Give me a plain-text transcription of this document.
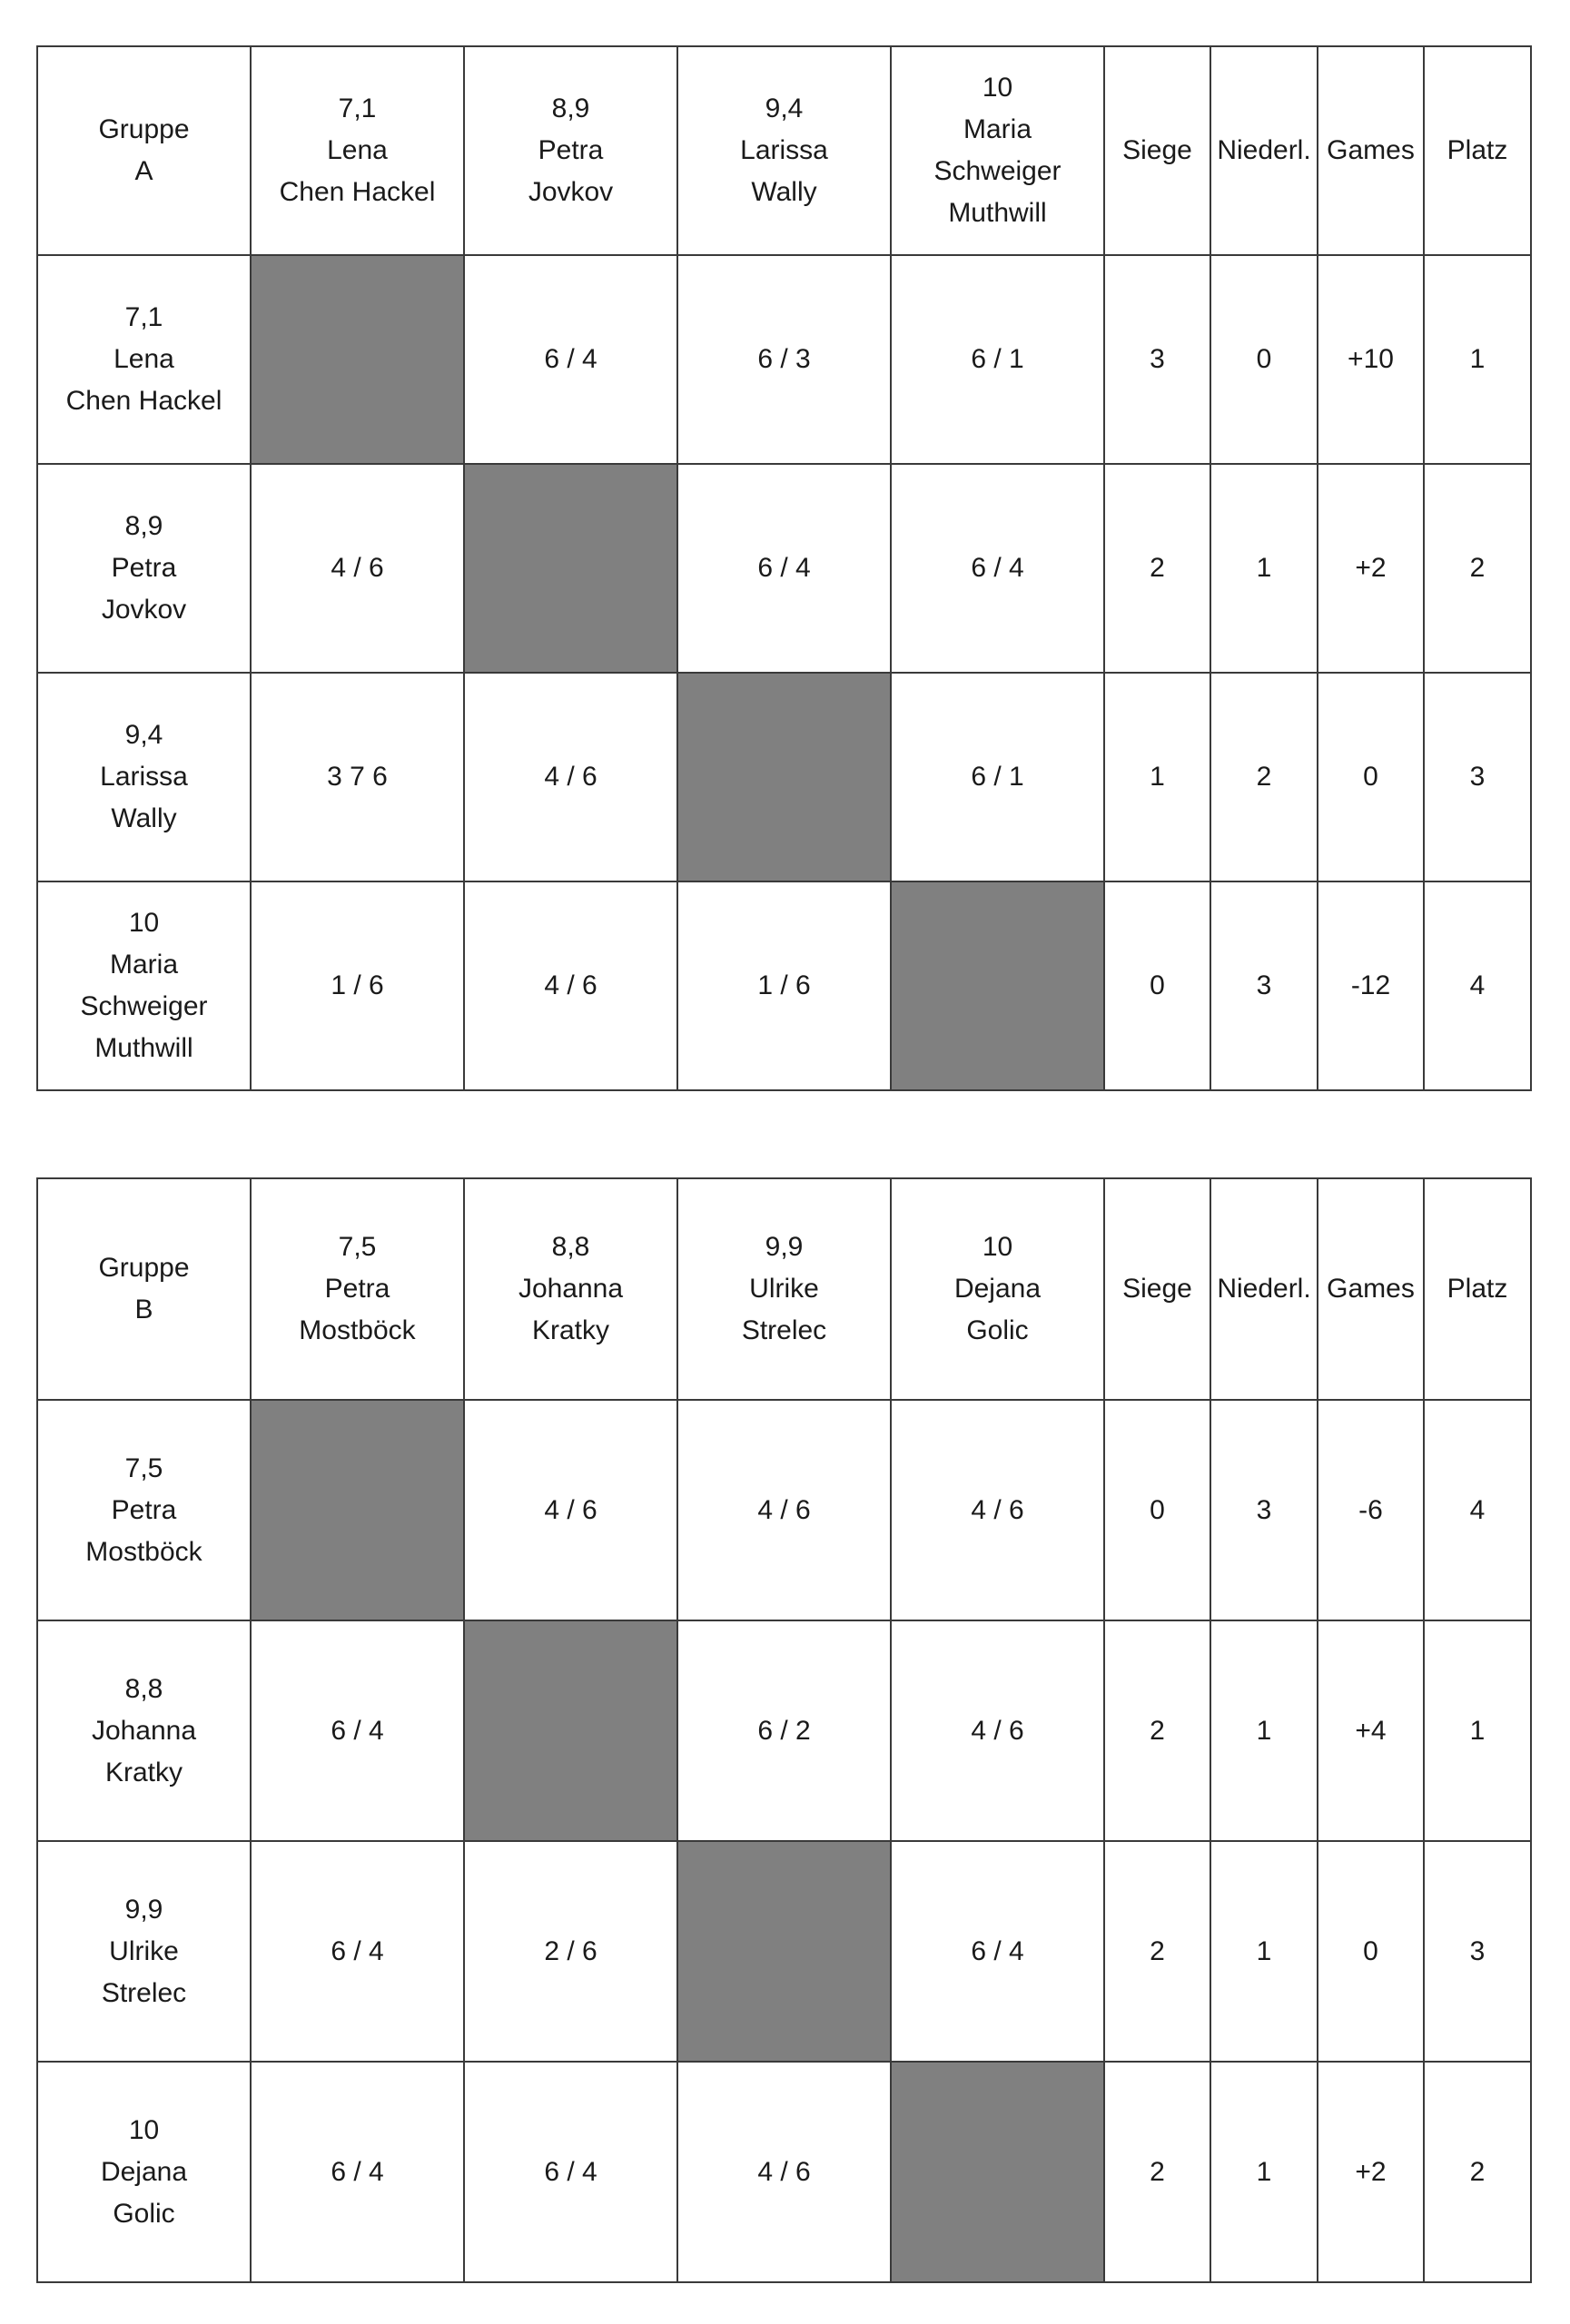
Gruppe
A	7,1
Lena
Chen Hackel	8,9
Petra
Jovkov	9,4
Larissa
Wally	10
Maria
Schweiger
Muthwill	Siege	Niederl.	Games	Platz

7,1
Lena
Chen Hackel		6 / 4	6 / 3	6 / 1	3	0	+10	1

8,9
Petra
Jovkov	4 / 6		6 / 4	6 / 4	2	1	+2	2

9,4
Larissa
Wally	3 7 6	4 / 6		6 / 1	1	2	0	3

10
Maria
Schweiger
Muthwill	1 / 6	4 / 6	1 / 6		0	3	-12	4
Gruppe
B	7,5
Petra
Mostböck	8,8
Johanna
Kratky	9,9
Ulrike
Strelec	10
Dejana
Golic	Siege	Niederl.	Games	Platz

7,5
Petra
Mostböck		4 / 6	4 / 6	4 / 6	0	3	-6	4

8,8
Johanna
Kratky	6 / 4		6 / 2	4 / 6	2	1	+4	1

9,9
Ulrike
Strelec	6 / 4	2 / 6		6 / 4	2	1	0	3

10
Dejana
Golic	6 / 4	6 / 4	4 / 6		2	1	+2	2
